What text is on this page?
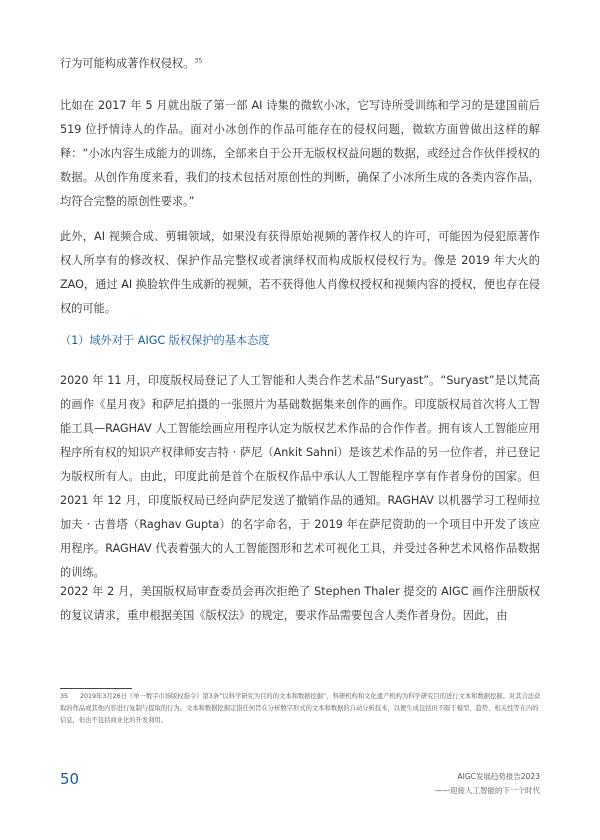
行为可能构成著作权侵权。$^{35}$

比如在 2017 年 5 月就出版了第一部 AI 诗集的微软小冰，它写诗所受训练和学习的是建国前后 519 位抒情诗人的作品。面对小冰创作的作品可能存在的侵权问题，微软方面曾做出这样的解释：“小冰内容生成能力的训练，全部来自于公开无版权权益问题的数据，或经过合作伙伴授权的数据。从创作角度来看，我们的技术包括对原创性的判断，确保了小冰所生成的各类内容作品，均符合完整的原创性要求。”

此外，AI 视频合成、剪辑领域，如果没有获得原始视频的著作权人的许可，可能因为侵犯原著作权人所享有的修改权、保护作品完整权或者演绎权而构成版权侵权行为。像是 2019 年大火的 ZAO，通过 AI 换脸软件生成新的视频，若不获得他人肖像权授权和视频内容的授权，便也存在侵权的可能。

（1）域外对于 AIGC 版权保护的基本态度

2020 年 11 月，印度版权局登记了人工智能和人类合作艺术品“Suryast”。“Suryast”是以梵高的画作《星月夜》和萨尼拍摄的一张照片为基础数据集来创作的画作。印度版权局首次将人工智能工具—RAGHAV 人工智能绘画应用程序认定为版权艺术作品的合作作者。拥有该人工智能应用程序所有权的知识产权律师安吉特 · 萨尼（Ankit Sahni）是该艺术作品的另一位作者，并已登记为版权所有人。由此，印度此前是首个在版权作品中承认人工智能程序享有作者身份的国家。但 2021 年 12 月，印度版权局已经向萨尼发送了撤销作品的通知。RAGHAV 以机器学习工程师拉加夫 · 古普塔（Raghav Gupta）的名字命名，于 2019 年在萨尼资助的一个项目中开发了该应用程序。RAGHAV 代表着强大的人工智能图形和艺术可视化工具，并受过各种艺术风格作品数据的训练。

2022 年 2 月，美国版权局审查委员会再次拒绝了 Stephen Thaler 提交的 AIGC 画作注册版权的复议请求，重申根据美国《版权法》的规定，要求作品需要包含人类作者身份。因此，由

35 2019年3月26日《单一数字市场版权指令》第3条“以科学研究为目的的文本和数据挖掘”，科研机构和文化遗产机构为科学研究目的进行文本和数据挖掘。对其合法获取的作品或其他内容进行复制与提取的行为。文本和数据挖掘定指任何旨在分析数字形式的文本和数据的自动分析技术，以便生成包括但不限于模型、趋势、相关性等在内的信息，但也不包括商业化的开发利用。

50	AIGC发展趋势报告2023
——迎接人工智能的下一个时代
